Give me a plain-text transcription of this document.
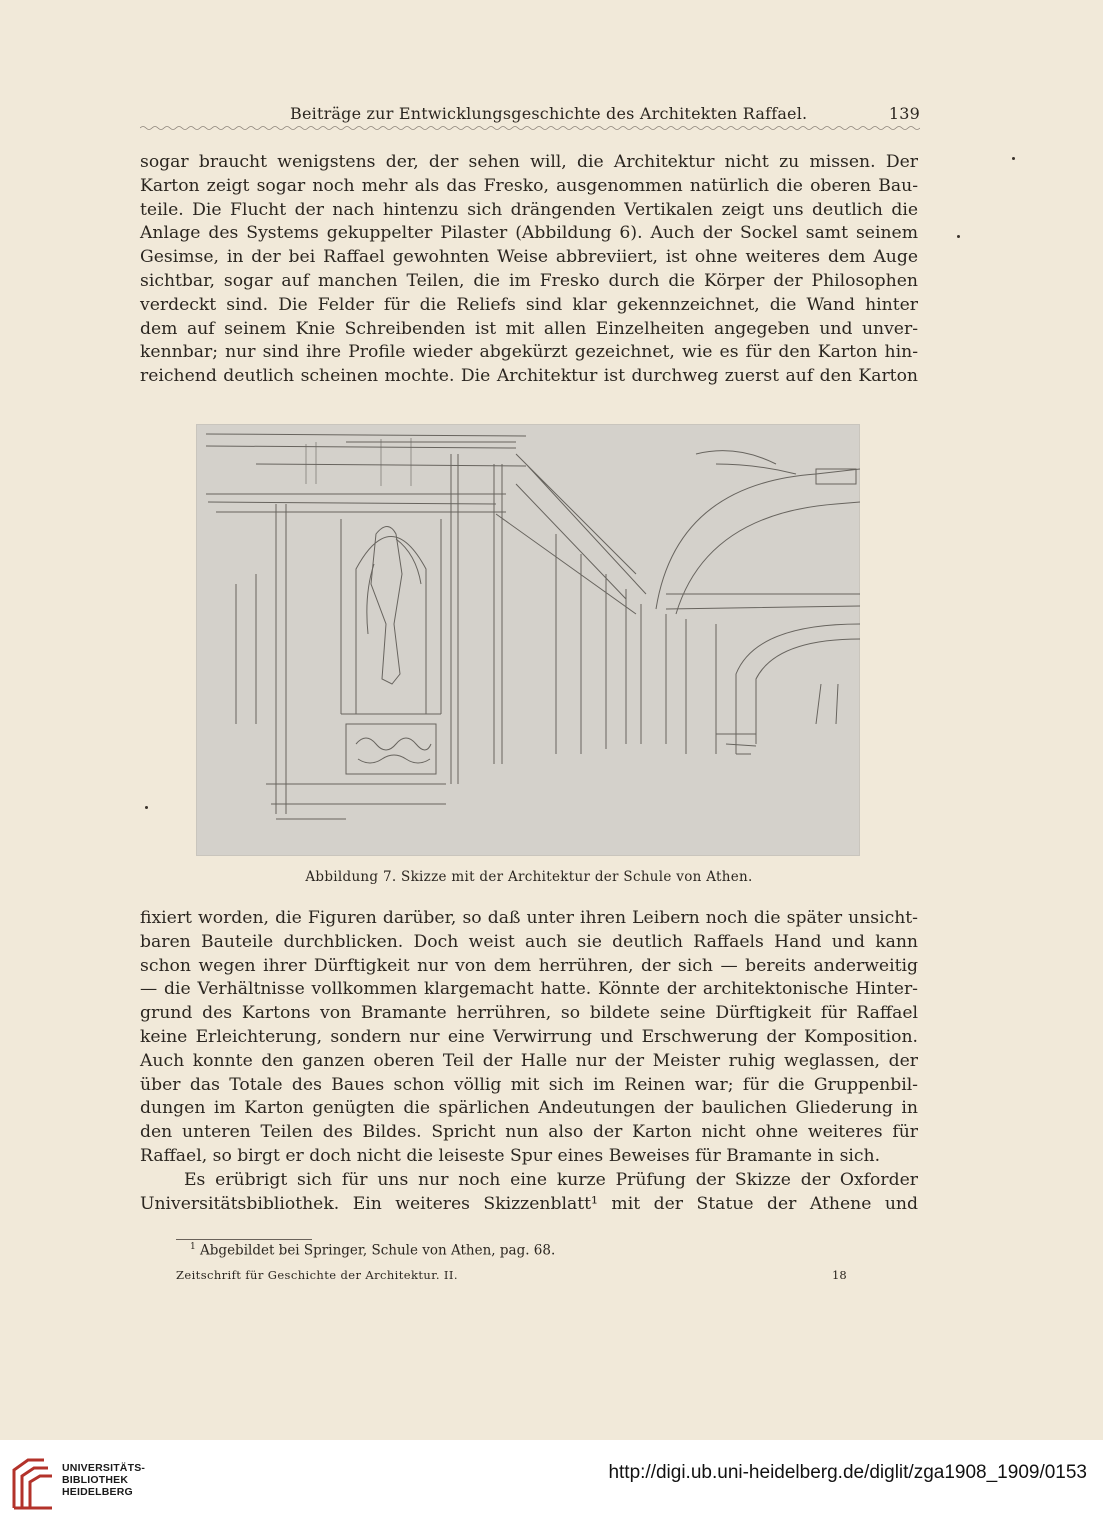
Beiträge zur Entwicklungsgeschichte des Architekten Raffael.	139
sogar braucht wenigstens der, der sehen will, die Architektur nicht zu missen. Der
Karton zeigt sogar noch mehr als das Fresko, ausgenommen natürlich die oberen Bau-
teile. Die Flucht der nach hintenzu sich drängenden Vertikalen zeigt uns deutlich die
Anlage des Systems gekuppelter Pilaster (Abbildung 6). Auch der Sockel samt seinem
Gesimse, in der bei Raffael gewohnten Weise abbreviiert, ist ohne weiteres dem Auge
sichtbar, sogar auf manchen Teilen, die im Fresko durch die Körper der Philosophen
verdeckt sind. Die Felder für die Reliefs sind klar gekennzeichnet, die Wand hinter
dem auf seinem Knie Schreibenden ist mit allen Einzelheiten angegeben und unver-
kennbar; nur sind ihre Profile wieder abgekürzt gezeichnet, wie es für den Karton hin-
reichend deutlich scheinen mochte. Die Architektur ist durchweg zuerst auf den Karton
Abbildung 7. Skizze mit der Architektur der Schule von Athen.
fixiert worden, die Figuren darüber, so daß unter ihren Leibern noch die später unsicht-
baren Bauteile durchblicken. Doch weist auch sie deutlich Raffaels Hand und kann
schon wegen ihrer Dürftigkeit nur von dem herrühren, der sich — bereits anderweitig
— die Verhältnisse vollkommen klargemacht hatte. Könnte der architektonische Hinter-
grund des Kartons von Bramante herrühren, so bildete seine Dürftigkeit für Raffael
keine Erleichterung, sondern nur eine Verwirrung und Erschwerung der Komposition.
Auch konnte den ganzen oberen Teil der Halle nur der Meister ruhig weglassen, der
über das Totale des Baues schon völlig mit sich im Reinen war; für die Gruppenbil-
dungen im Karton genügten die spärlichen Andeutungen der baulichen Gliederung in
den unteren Teilen des Bildes. Spricht nun also der Karton nicht ohne weiteres für
Raffael, so birgt er doch nicht die leiseste Spur eines Beweises für Bramante in sich.
Es erübrigt sich für uns nur noch eine kurze Prüfung der Skizze der Oxforder
Universitätsbibliothek. Ein weiteres Skizzenblatt¹ mit der Statue der Athene und
$^1$ Abgebildet bei Springer, Schule von Athen, pag. 68.
Zeitschrift für Geschichte der Architektur. II.	18
UNIVERSITÄTS-
BIBLIOTHEK
HEIDELBERG
http://digi.ub.uni-heidelberg.de/diglit/zga1908_1909/0153
